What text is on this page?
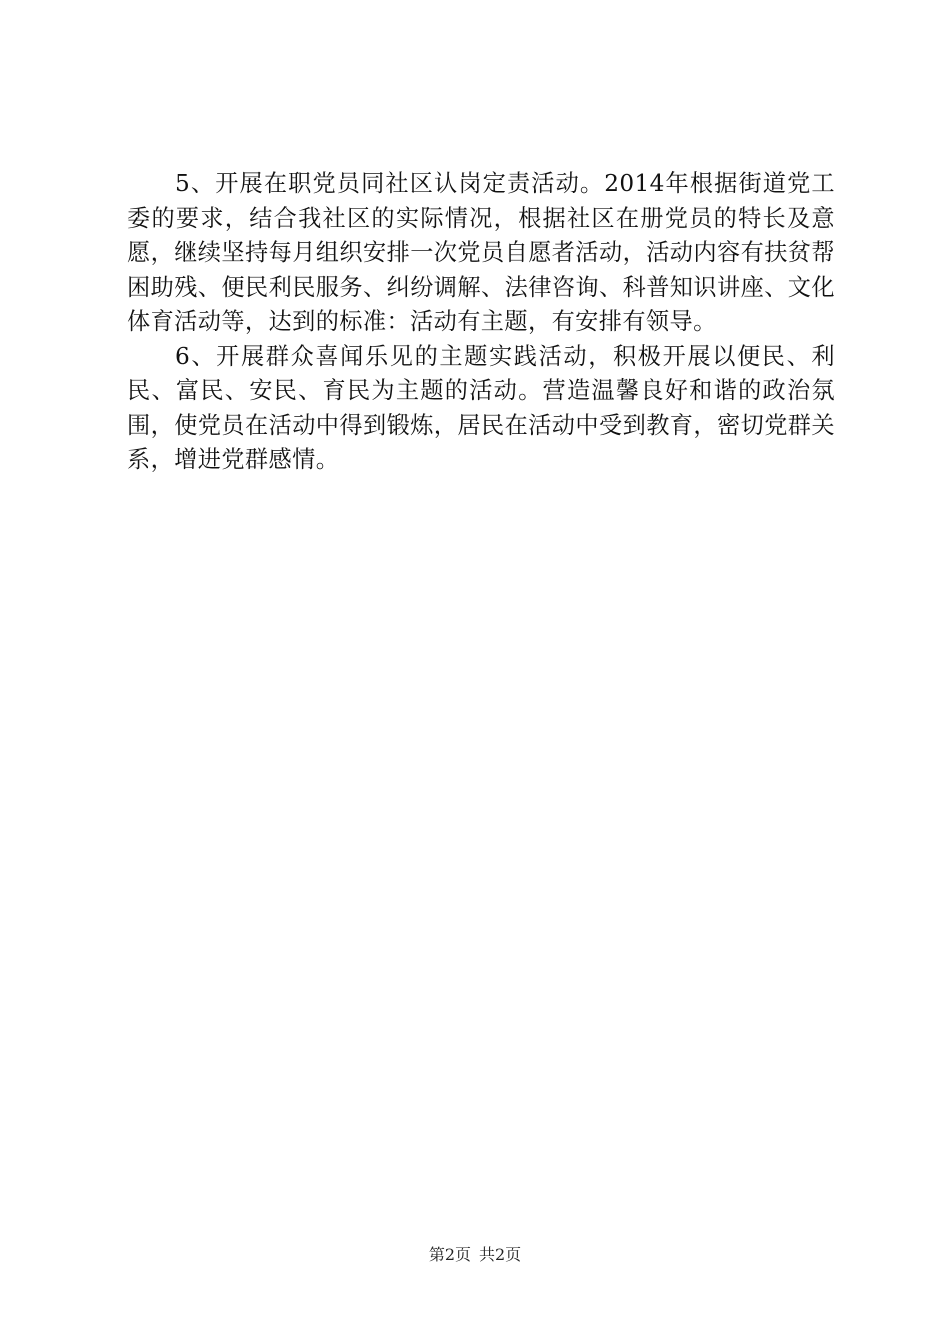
5、开展在职党员同社区认岗定责活动。2014年根据街道党工委的要求，结合我社区的实际情况，根据社区在册党员的特长及意愿，继续坚持每月组织安排一次党员自愿者活动，活动内容有扶贫帮困助残、便民利民服务、纠纷调解、法律咨询、科普知识讲座、文化体育活动等，达到的标准：活动有主题，有安排有领导。

6、开展群众喜闻乐见的主题实践活动，积极开展以便民、利民、富民、安民、育民为主题的活动。营造温馨良好和谐的政治氛围，使党员在活动中得到锻炼，居民在活动中受到教育，密切党群关系，增进党群感情。

第2页 共2页
